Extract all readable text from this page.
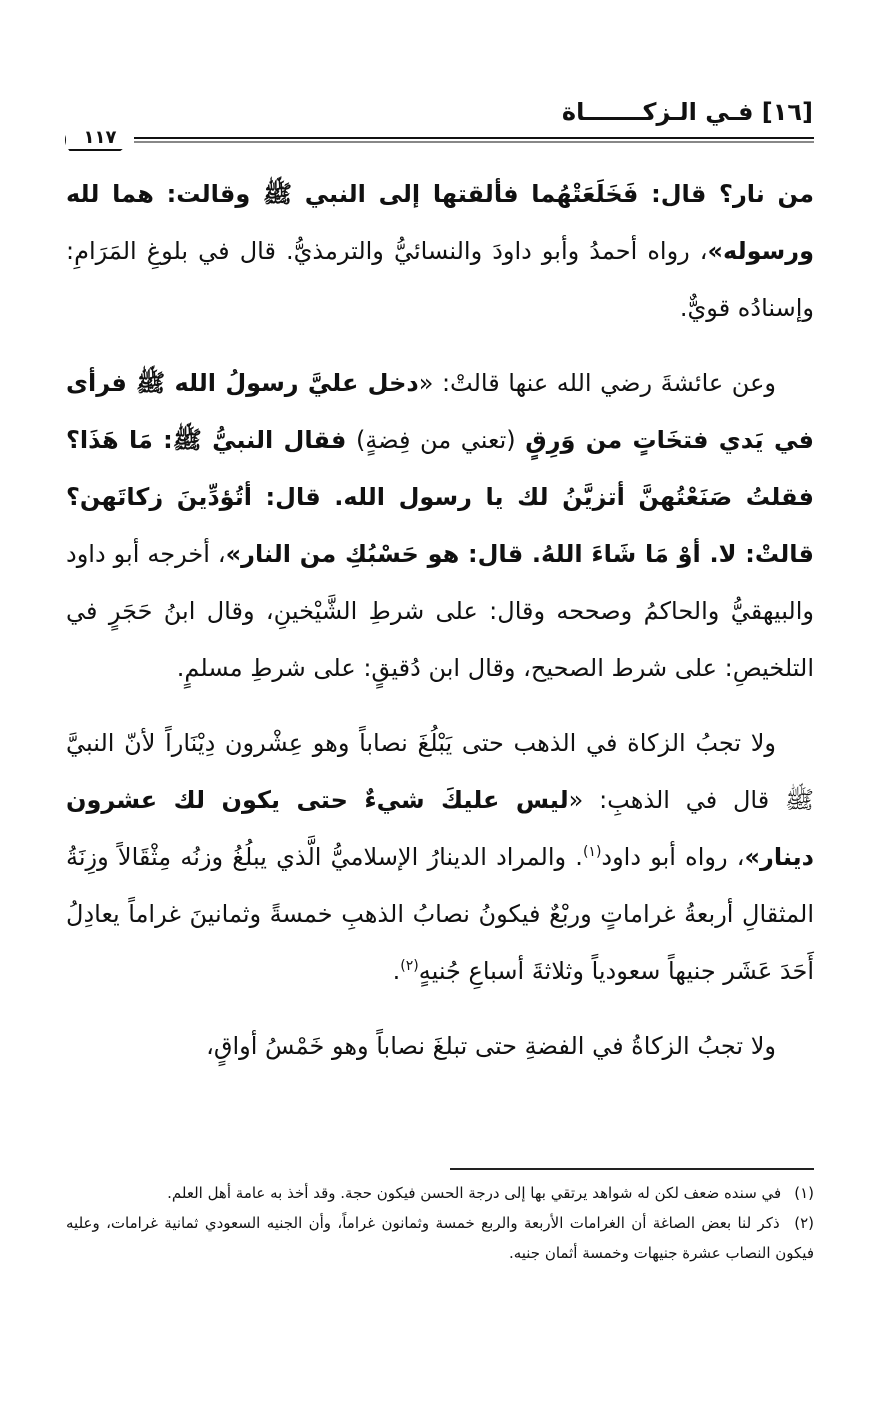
[١٦] فـي الـزكـــــــاة
١١٧

من نار؟ قال: فَخَلَعَتْهُما فألقتها إلى النبي ﷺ وقالت: هما لله ورسوله»، رواه أحمدُ وأبو داودَ والنسائيُّ والترمذيُّ. قال في بلوغِ المَرَامِ: وإسنادُه قويٌّ.

وعن عائشةَ رضي الله عنها قالتْ: «دخل عليَّ رسولُ الله ﷺ فرأى في يَدي فتخَاتٍ من وَرِقٍ (تعني من فِضةٍ) فقال النبيُّ ﷺ: مَا هَذَا؟ فقلتُ صَنَعْتُهنَّ أتزيَّنُ لك يا رسول الله. قال: أتُؤدِّينَ زكاتَهن؟ قالتْ: لا. أوْ مَا شَاءَ اللهُ. قال: هو حَسْبُكِ من النار»، أخرجه أبو داود والبيهقيُّ والحاكمُ وصححه وقال: على شرطِ الشَّيْخينِ، وقال ابنُ حَجَرٍ في التلخيصِ: على شرط الصحيح، وقال ابن دُقيقٍ: على شرطِ مسلمٍ.

ولا تجبُ الزكاة في الذهب حتى يَبْلُغَ نصاباً وهو عِشْرون دِيْنَاراً لأنّ النبيَّ ﷺ قال في الذهبِ: «ليس عليكَ شيءٌ حتى يكون لك عشرون دينار»، رواه أبو داود$^{(١)}$. والمراد الدينارُ الإسلاميُّ الَّذي يبلُغُ وزنُه مِثْقَالاً وزِنَةُ المثقالِ أربعةُ غراماتٍ وربْعٌ فيكونُ نصابُ الذهبِ خمسةً وثمانينَ غراماً يعادِلُ أَحَدَ عَشَر جنيهاً سعودياً وثلاثةَ أسباعِ جُنيهٍ$^{(٢)}$.

ولا تجبُ الزكاةُ في الفضةِ حتى تبلغَ نصاباً وهو خَمْسُ أواقٍ،

(١) في سنده ضعف لكن له شواهد يرتقي بها إلى درجة الحسن فيكون حجة. وقد أخذ به عامة أهل العلم.

(٢) ذكر لنا بعض الصاغة أن الغرامات الأربعة والربع خمسة وثمانون غراماً، وأن الجنيه السعودي ثمانية غرامات، وعليه فيكون النصاب عشرة جنيهات وخمسة أثمان جنيه.
